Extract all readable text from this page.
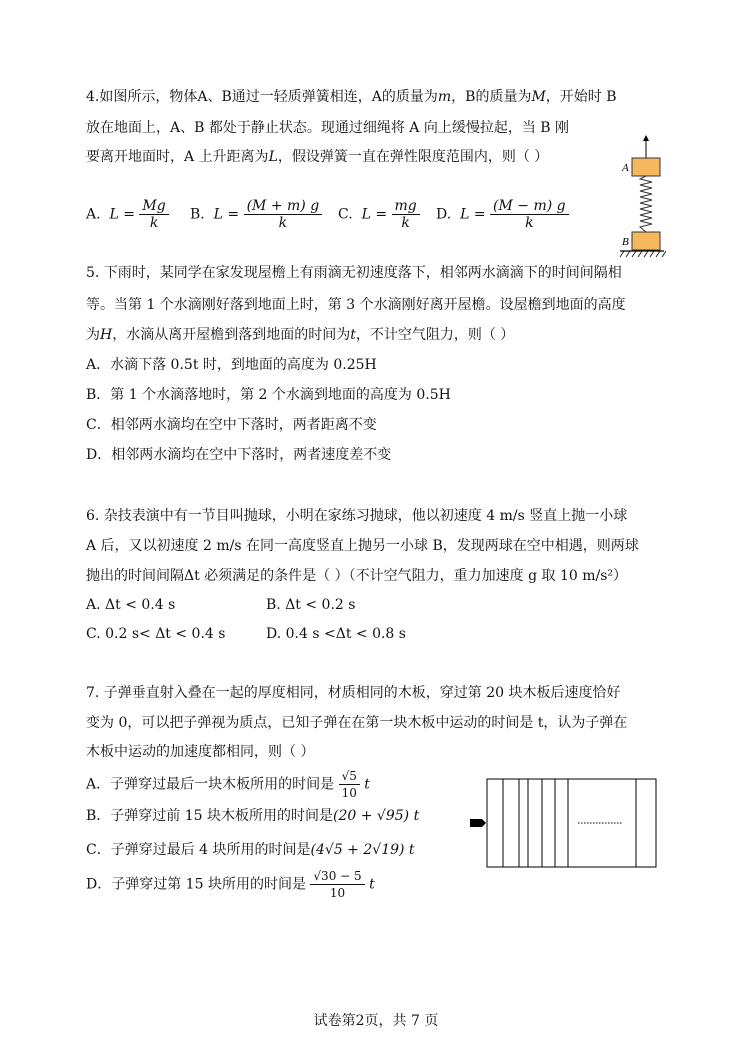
4.如图所示，物体A、B通过一轻质弹簧相连，A的质量为m，B的质量为M，开始时 B
放在地面上，A、B 都处于静止状态。现通过细绳将 A 向上缓慢拉起，当 B 刚
要离开地面时，A 上升距离为L，假设弹簧一直在弹性限度范围内，则（ ）
A. $L = \frac{Mg}{k} B$. $L = \frac{(M + m) g}{k} C$. $L = \frac{mg}{k} D$. $L = \frac{(M - m) g}{k}$
A
B
5. 下雨时，某同学在家发现屋檐上有雨滴无初速度落下，相邻两水滴滴下的时间间隔相
等。当第 1 个水滴刚好落到地面上时，第 3 个水滴刚好离开屋檐。设屋檐到地面的高度
为H，水滴从离开屋檐到落到地面的时间为t，不计空气阻力，则（ ）
A．水滴下落 0.5t 时，到地面的高度为 0.25H
B．第 1 个水滴落地时，第 2 个水滴到地面的高度为 0.5H
C．相邻两水滴均在空中下落时，两者距离不变
D．相邻两水滴均在空中下落时，两者速度差不变
6. 杂技表演中有一节目叫抛球，小明在家练习抛球，他以初速度 4 m/s 竖直上抛一小球
A 后，又以初速度 2 m/s 在同一高度竖直上抛另一小球 B，发现两球在空中相遇，则两球
抛出的时间间隔Δt 必须满足的条件是（ ）（不计空气阻力，重力加速度 g 取 10 m/s²）
A. Δt < 0.4 s	B. Δt < 0.2 s
C. 0.2 s< Δt < 0.4 s	D. 0.4 s <Δt < 0.8 s
7. 子弹垂直射入叠在一起的厚度相同，材质相同的木板，穿过第 20 块木板后速度恰好
变为 0，可以把子弹视为质点，已知子弹在在第一块木板中运动的时间是 t，认为子弹在
木板中运动的加速度都相同，则（ ）
A．子弹穿过最后一块木板所用的时间是 $\frac{√5}{10}$ t
B．子弹穿过前 15 块木板所用的时间是(20 + √95) t
C．子弹穿过最后 4 块所用的时间是(4√5 + 2√19) t
D．子弹穿过第 15 块所用的时间是 $\frac{√30 - 5}{10}$ t
试卷第2页，共 7 页
